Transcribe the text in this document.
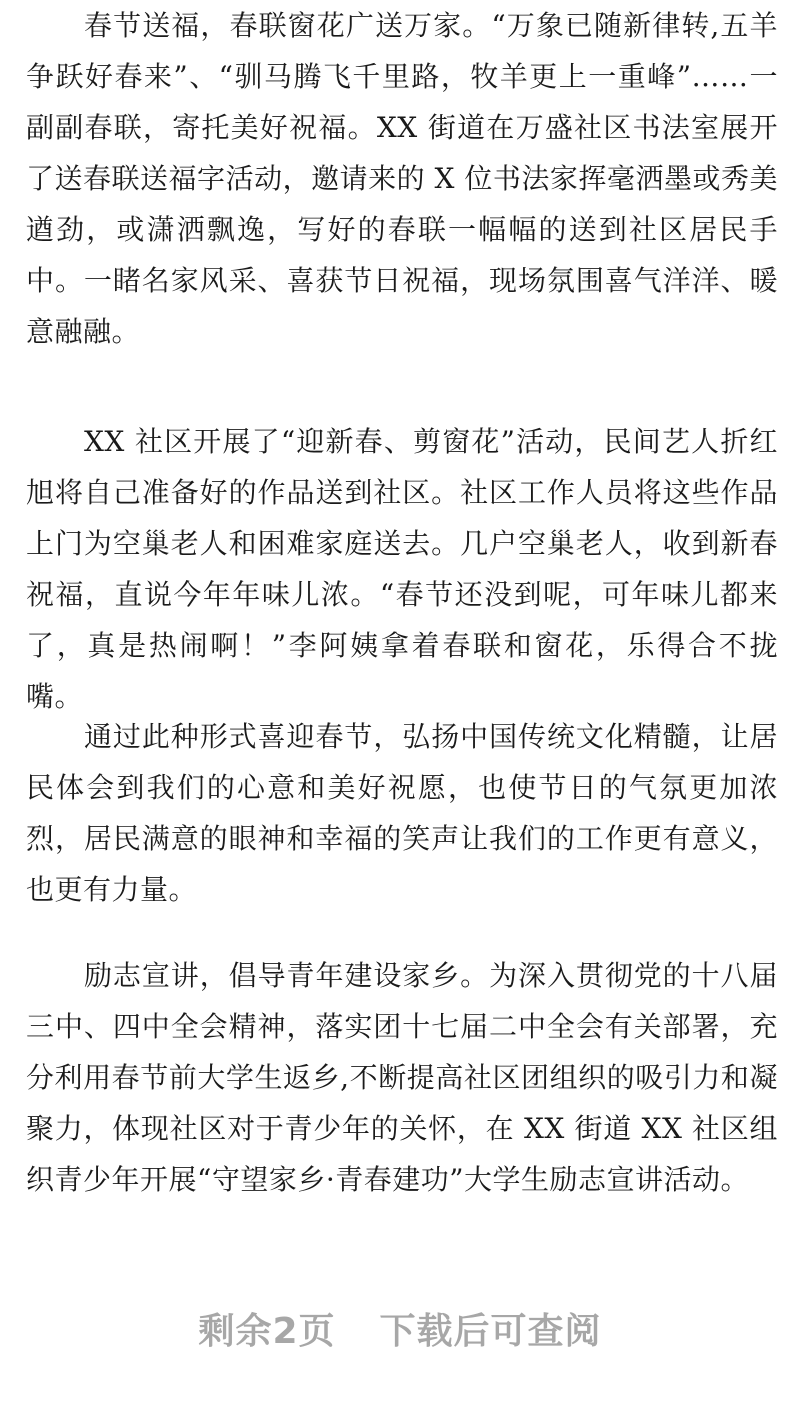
春节送福，春联窗花广送万家。“万象已随新律转,五羊争跃好春来”、“驯马腾飞千里路，牧羊更上一重峰”……一副副春联，寄托美好祝福。XX 街道在万盛社区书法室展开了送春联送福字活动，邀请来的 X 位书法家挥毫洒墨或秀美遒劲，或潇洒飘逸，写好的春联一幅幅的送到社区居民手中。一睹名家风采、喜获节日祝福，现场氛围喜气洋洋、暖意融融。

XX 社区开展了“迎新春、剪窗花”活动，民间艺人折红旭将自己准备好的作品送到社区。社区工作人员将这些作品上门为空巢老人和困难家庭送去。几户空巢老人，收到新春祝福，直说今年年味儿浓。“春节还没到呢，可年味儿都来了，真是热闹啊！”李阿姨拿着春联和窗花，乐得合不拢嘴。

通过此种形式喜迎春节，弘扬中国传统文化精髓，让居民体会到我们的心意和美好祝愿，也使节日的气氛更加浓烈，居民满意的眼神和幸福的笑声让我们的工作更有意义，也更有力量。

励志宣讲，倡导青年建设家乡。为深入贯彻党的十八届三中、四中全会精神，落实团十七届二中全会有关部署，充分利用春节前大学生返乡,不断提高社区团组织的吸引力和凝聚力，体现社区对于青少年的关怀，在 XX 街道 XX 社区组织青少年开展“守望家乡·青春建功”大学生励志宣讲活动。

剩余2页 下载后可查阅
